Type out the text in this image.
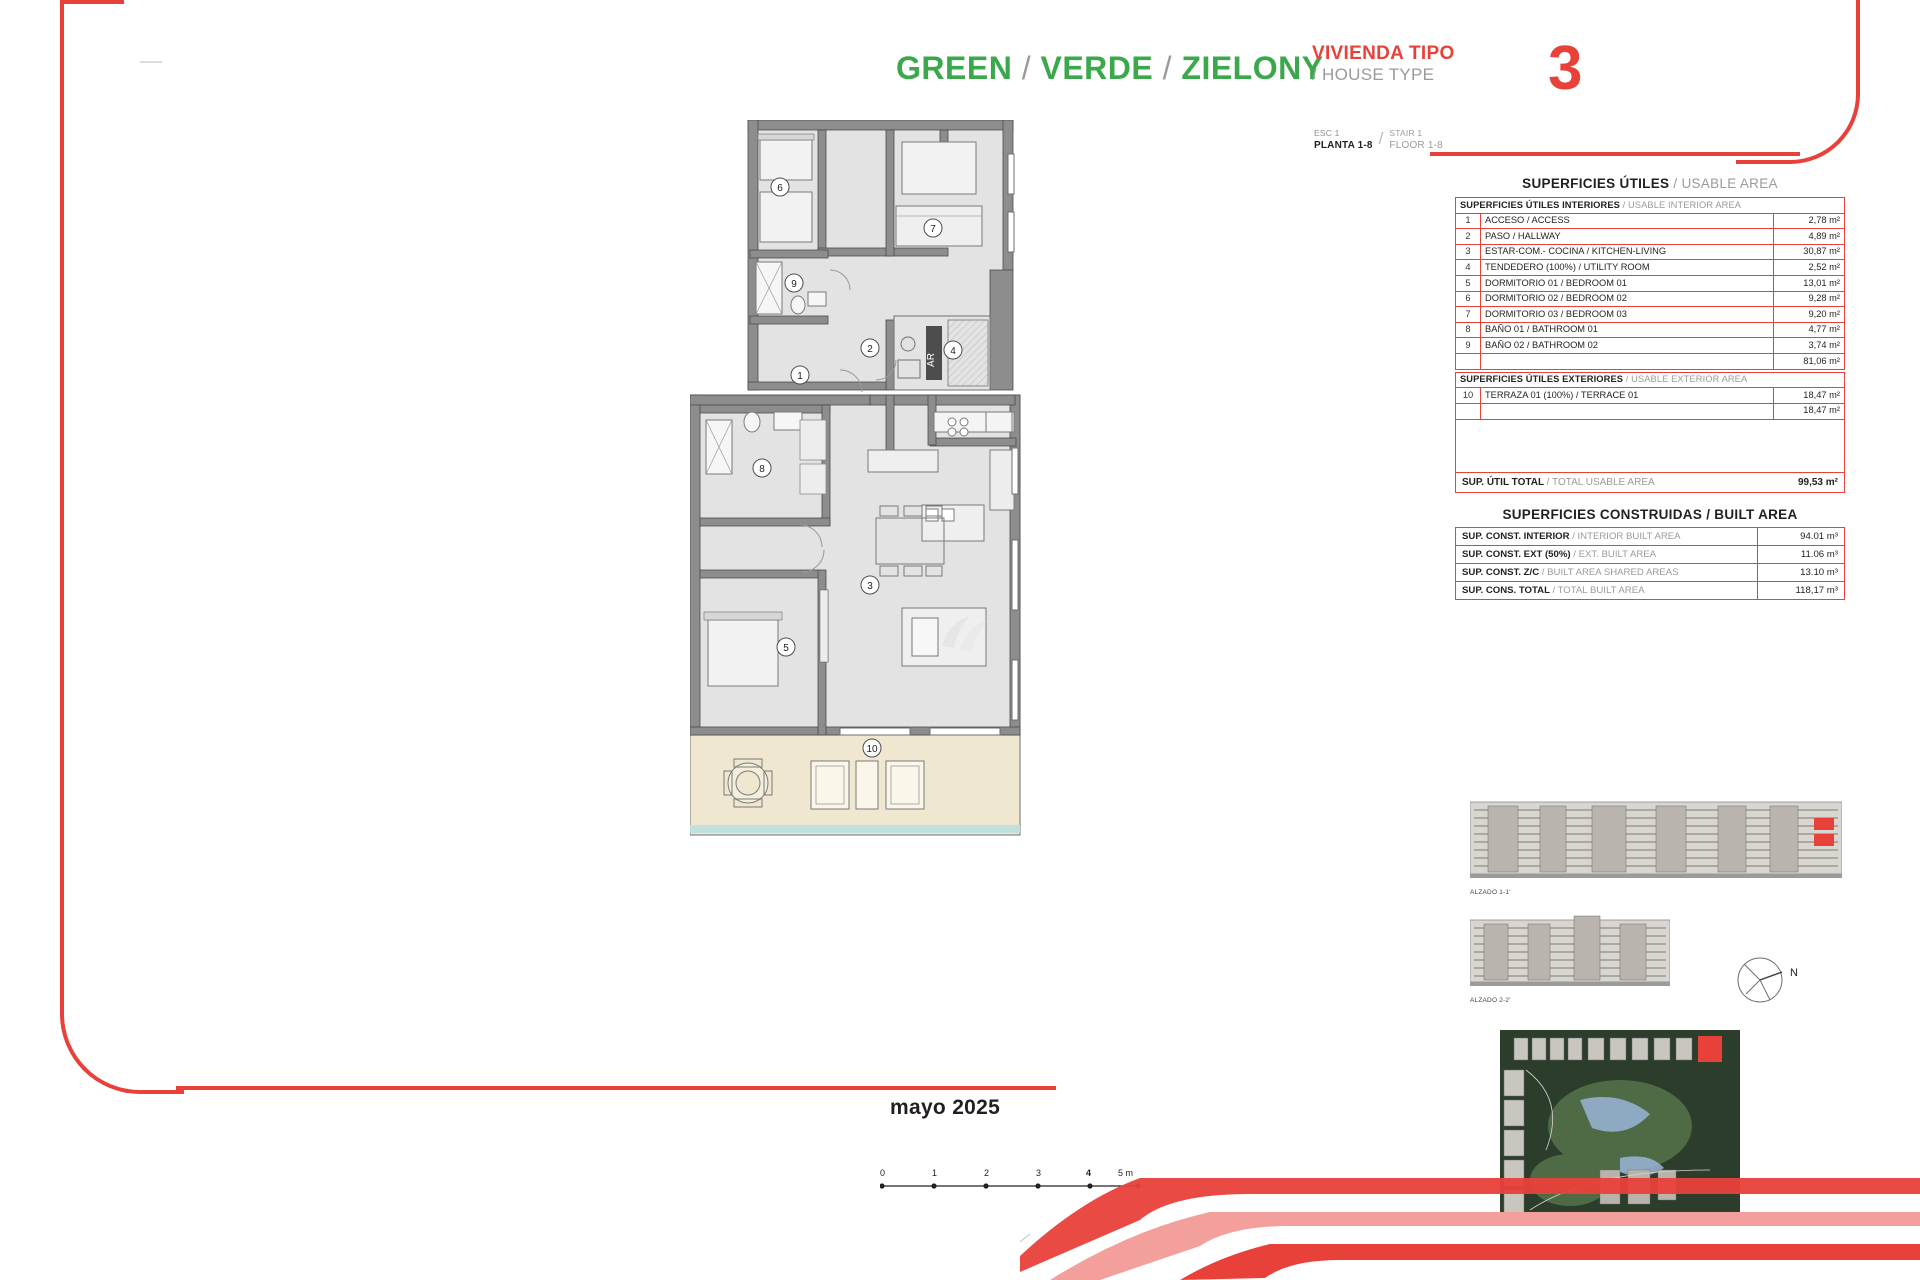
GREEN / VERDE / ZIELONY
VIVIENDA TIPO
/ HOUSE TYPE	3
ESC 1
PLANTA 1-8 / STAIR 1
FLOOR 1-8
AR
1
2
3
4
5
6
7
8
9
10
SUPERFICIES ÚTILES / USABLE AREA
SUPERFICIES ÚTILES INTERIORES / USABLE INTERIOR AREA		
1	ACCESO / ACCESS	2,78 m²
2	PASO / HALLWAY	4,89 m²
3	ESTAR-COM.- COCINA / KITCHEN-LIVING	30,87 m²
4	TENDEDERO (100%) / UTILITY ROOM	2,52 m²
5	DORMITORIO 01 / BEDROOM 01	13,01 m²
6	DORMITORIO 02 / BEDROOM 02	9,28 m²
7	DORMITORIO 03 / BEDROOM 03	9,20 m²
8	BAÑO 01 / BATHROOM 01	4,77 m²
9	BAÑO 02 / BATHROOM 02	3,74 m²
		81,06 m²
SUPERFICIES ÚTILES EXTERIORES / USABLE EXTERIOR AREA		
10	TERRAZA 01 (100%) / TERRACE 01	18,47 m²
		18,47 m²
SUP. ÚTIL TOTAL / TOTAL USABLE AREA	99,53 m²
SUPERFICIES CONSTRUIDAS / BUILT AREA
SUP. CONST. INTERIOR / INTERIOR BUILT AREA	94.01 m³
SUP. CONST. EXT (50%) / EXT. BUILT AREA	11.06 m³
SUP. CONST. Z/C / BUILT AREA SHARED AREAS	13.10 m³
SUP. CONS. TOTAL / TOTAL BUILT AREA	118,17 m³
ALZADO 1-1'
ALZADO 2-2'
N
mayo 2025
0	1	2	3	4	5 m
